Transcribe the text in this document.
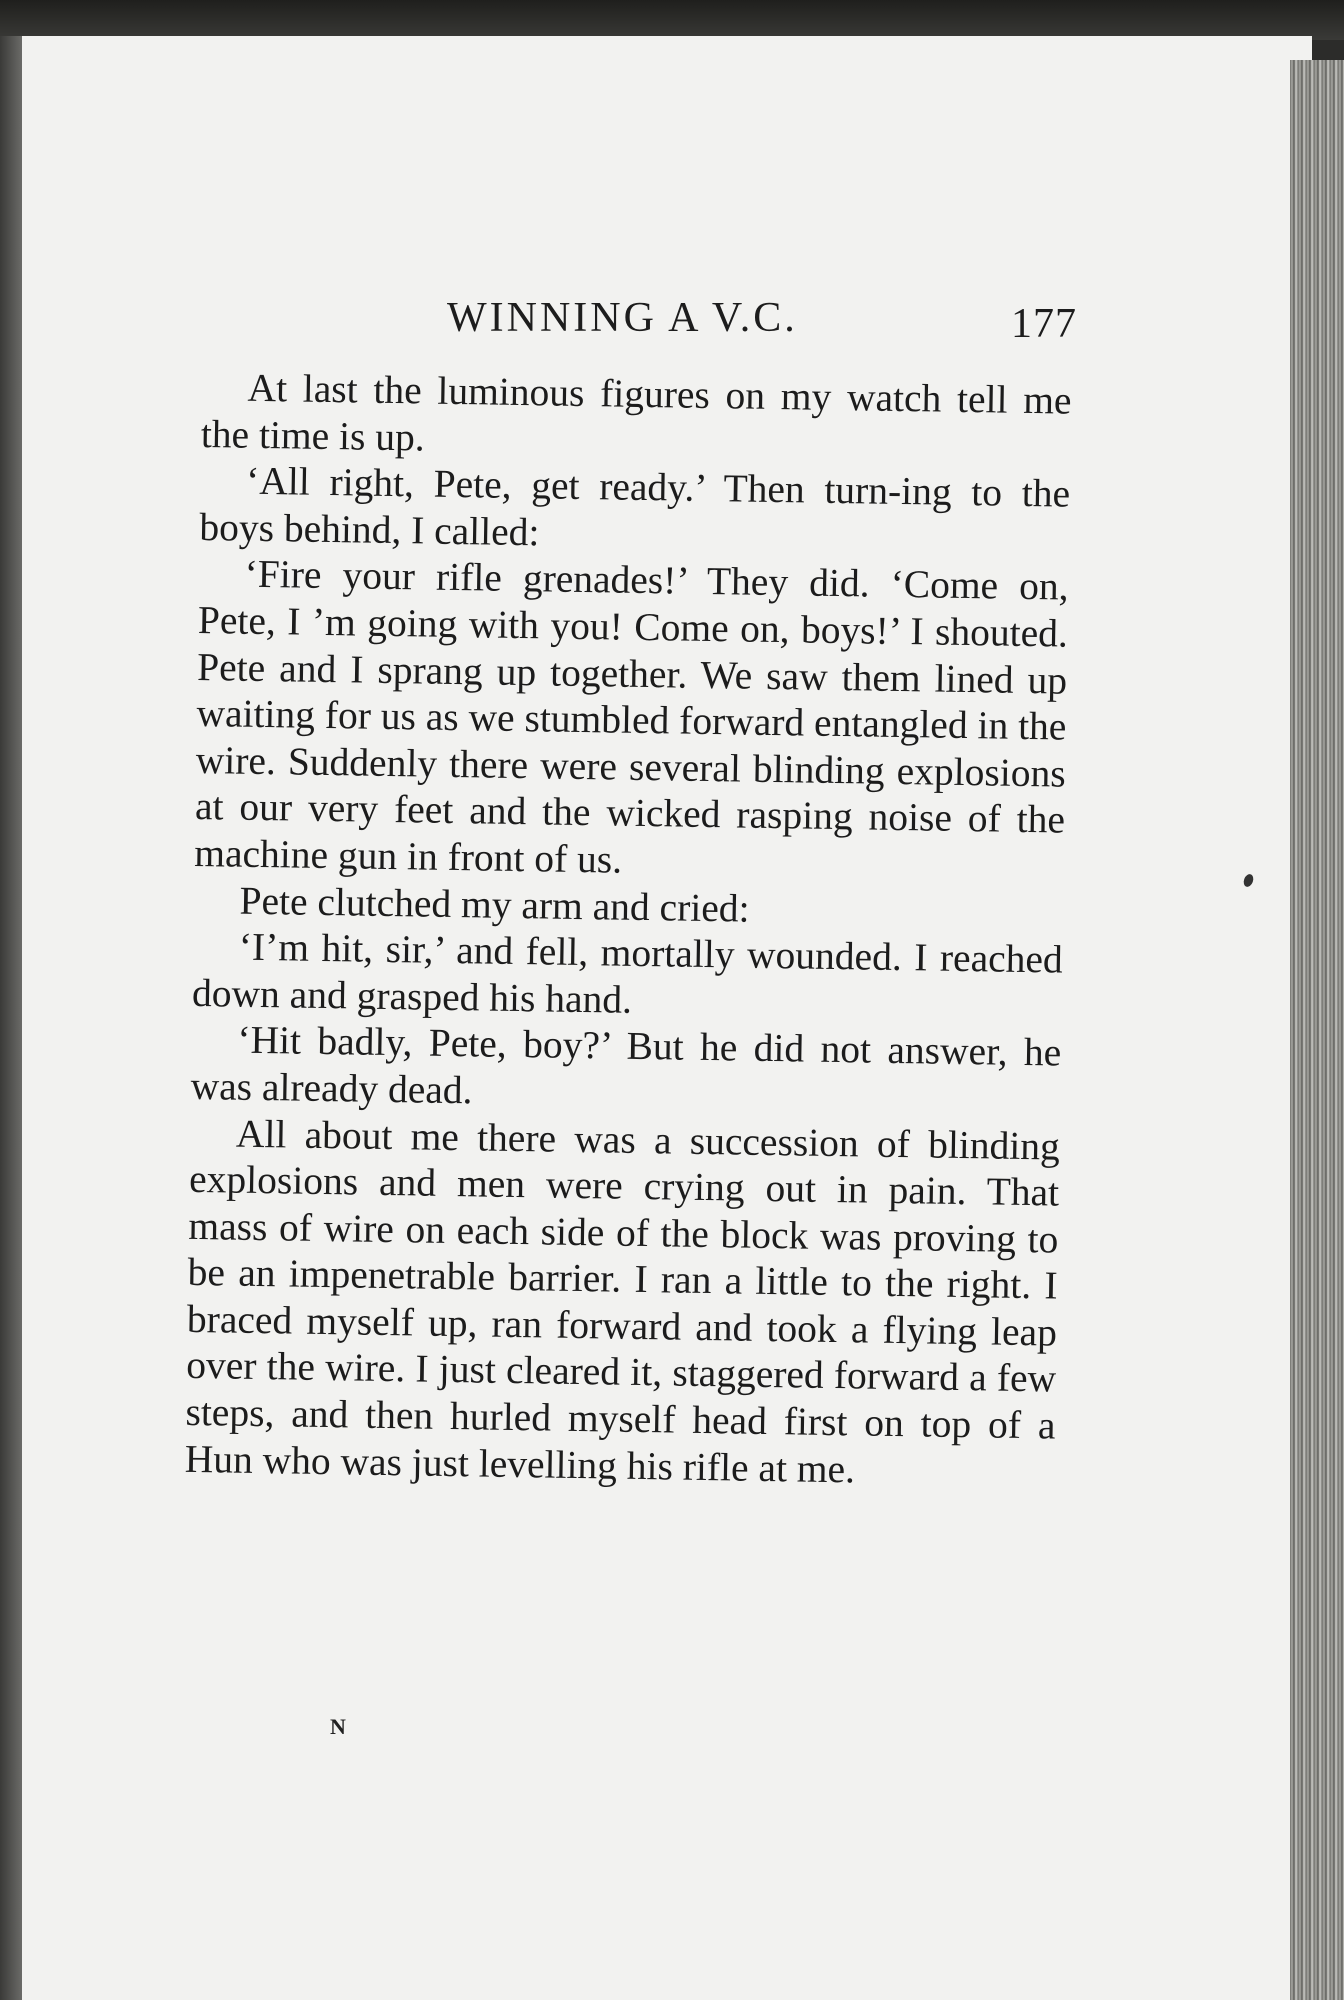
WINNING A V.C.	177

At last the luminous figures on my watch tell me the time is up.

‘All right, Pete, get ready.’ Then turn-ing to the boys behind, I called:

‘Fire your rifle grenades!’ They did. ‘Come on, Pete, I ’m going with you! Come on, boys!’ I shouted. Pete and I sprang up together. We saw them lined up waiting for us as we stumbled forward entangled in the wire. Suddenly there were several blinding explosions at our very feet and the wicked rasping noise of the machine gun in front of us.

Pete clutched my arm and cried:

‘I’m hit, sir,’ and fell, mortally wounded. I reached down and grasped his hand.

‘Hit badly, Pete, boy?’ But he did not answer, he was already dead.

All about me there was a succession of blinding explosions and men were crying out in pain. That mass of wire on each side of the block was proving to be an impenetrable barrier. I ran a little to the right. I braced myself up, ran forward and took a flying leap over the wire. I just cleared it, staggered forward a few steps, and then hurled myself head first on top of a Hun who was just levelling his rifle at me.

N
